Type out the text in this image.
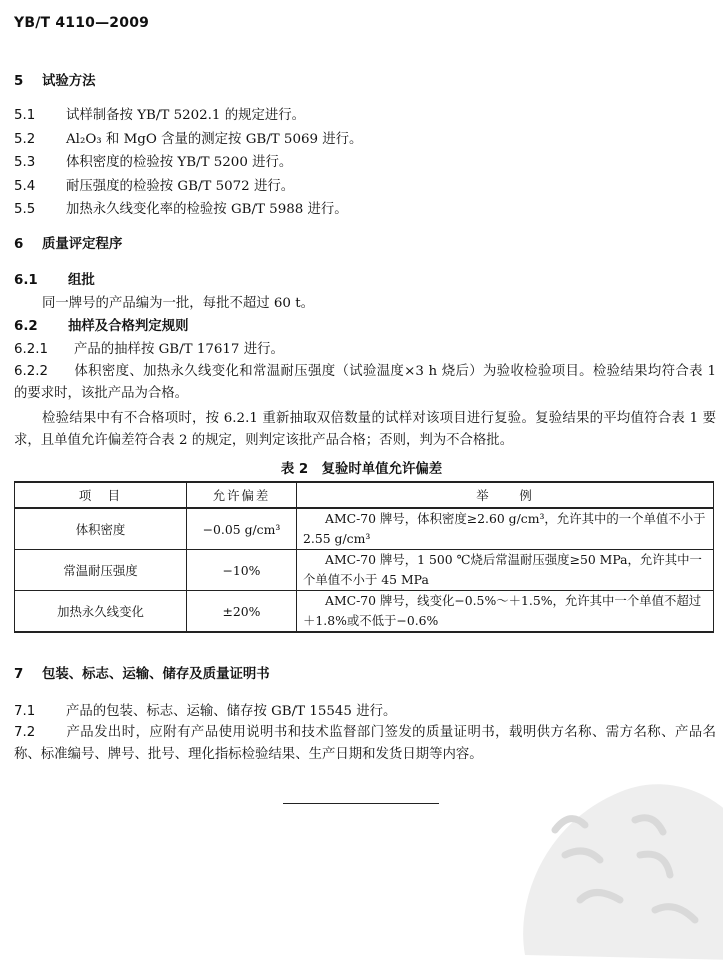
YB/T 4110—2009
5 试验方法
5.1 试样制备按 YB/T 5202.1 的规定进行。
5.2 Al₂O₃ 和 MgO 含量的测定按 GB/T 5069 进行。
5.3 体积密度的检验按 YB/T 5200 进行。
5.4 耐压强度的检验按 GB/T 5072 进行。
5.5 加热永久线变化率的检验按 GB/T 5988 进行。
6 质量评定程序
6.1 组批
同一牌号的产品编为一批，每批不超过 60 t。
6.2 抽样及合格判定规则
6.2.1 产品的抽样按 GB/T 17617 进行。
6.2.2 体积密度、加热永久线变化和常温耐压强度（试验温度×3 h 烧后）为验收检验项目。检验结果均符合表 1 的要求时，该批产品为合格。
检验结果中有不合格项时，按 6.2.1 重新抽取双倍数量的试样对该项目进行复验。复验结果的平均值符合表 1 要求，且单值允许偏差符合表 2 的规定，则判定该批产品合格；否则，判为不合格批。
表 2　复验时单值允许偏差
项　目	允许偏差	举　　例
体积密度	−0.05 g/cm³	AMC-70 牌号，体积密度≥2.60 g/cm³，允许其中的一个单值不小于 2.55 g/cm³
常温耐压强度	−10%	AMC-70 牌号，1 500 ℃烧后常温耐压强度≥50 MPa，允许其中一个单值不小于 45 MPa
加热永久线变化	±20%	AMC-70 牌号，线变化−0.5%～＋1.5%，允许其中一个单值不超过＋1.8%或不低于−0.6%
7 包装、标志、运输、储存及质量证明书
7.1 产品的包装、标志、运输、储存按 GB/T 15545 进行。
7.2 产品发出时，应附有产品使用说明书和技术监督部门签发的质量证明书，载明供方名称、需方名称、产品名称、标准编号、牌号、批号、理化指标检验结果、生产日期和发货日期等内容。
